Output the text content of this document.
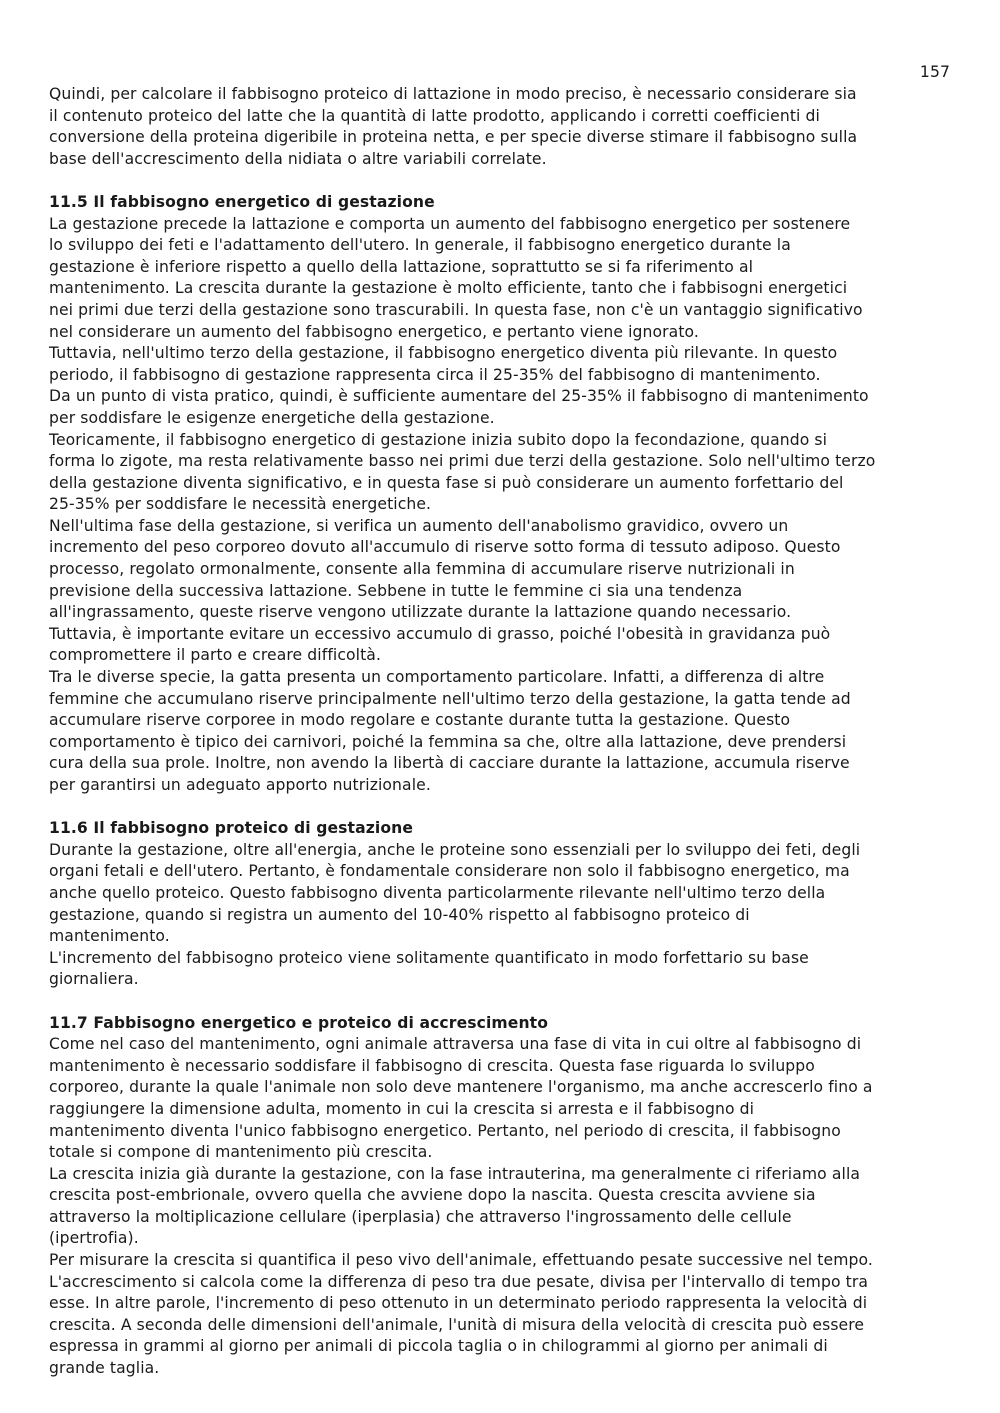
157

Quindi, per calcolare il fabbisogno proteico di lattazione in modo preciso, è necessario considerare sia
il contenuto proteico del latte che la quantità di latte prodotto, applicando i corretti coefficienti di
conversione della proteina digeribile in proteina netta, e per specie diverse stimare il fabbisogno sulla
base dell'accrescimento della nidiata o altre variabili correlate.

11.5 Il fabbisogno energetico di gestazione

La gestazione precede la lattazione e comporta un aumento del fabbisogno energetico per sostenere
lo sviluppo dei feti e l'adattamento dell'utero. In generale, il fabbisogno energetico durante la
gestazione è inferiore rispetto a quello della lattazione, soprattutto se si fa riferimento al
mantenimento. La crescita durante la gestazione è molto efficiente, tanto che i fabbisogni energetici
nei primi due terzi della gestazione sono trascurabili. In questa fase, non c'è un vantaggio significativo
nel considerare un aumento del fabbisogno energetico, e pertanto viene ignorato.

Tuttavia, nell'ultimo terzo della gestazione, il fabbisogno energetico diventa più rilevante. In questo
periodo, il fabbisogno di gestazione rappresenta circa il 25-35% del fabbisogno di mantenimento.

Da un punto di vista pratico, quindi, è sufficiente aumentare del 25-35% il fabbisogno di mantenimento
per soddisfare le esigenze energetiche della gestazione.

Teoricamente, il fabbisogno energetico di gestazione inizia subito dopo la fecondazione, quando si
forma lo zigote, ma resta relativamente basso nei primi due terzi della gestazione. Solo nell'ultimo terzo
della gestazione diventa significativo, e in questa fase si può considerare un aumento forfettario del
25-35% per soddisfare le necessità energetiche.

Nell'ultima fase della gestazione, si verifica un aumento dell'anabolismo gravidico, ovvero un
incremento del peso corporeo dovuto all'accumulo di riserve sotto forma di tessuto adiposo. Questo
processo, regolato ormonalmente, consente alla femmina di accumulare riserve nutrizionali in
previsione della successiva lattazione. Sebbene in tutte le femmine ci sia una tendenza
all'ingrassamento, queste riserve vengono utilizzate durante la lattazione quando necessario.
Tuttavia, è importante evitare un eccessivo accumulo di grasso, poiché l'obesità in gravidanza può
compromettere il parto e creare difficoltà.

Tra le diverse specie, la gatta presenta un comportamento particolare. Infatti, a differenza di altre
femmine che accumulano riserve principalmente nell'ultimo terzo della gestazione, la gatta tende ad
accumulare riserve corporee in modo regolare e costante durante tutta la gestazione. Questo
comportamento è tipico dei carnivori, poiché la femmina sa che, oltre alla lattazione, deve prendersi
cura della sua prole. Inoltre, non avendo la libertà di cacciare durante la lattazione, accumula riserve
per garantirsi un adeguato apporto nutrizionale.

11.6 Il fabbisogno proteico di gestazione

Durante la gestazione, oltre all'energia, anche le proteine sono essenziali per lo sviluppo dei feti, degli
organi fetali e dell'utero. Pertanto, è fondamentale considerare non solo il fabbisogno energetico, ma
anche quello proteico. Questo fabbisogno diventa particolarmente rilevante nell'ultimo terzo della
gestazione, quando si registra un aumento del 10-40% rispetto al fabbisogno proteico di
mantenimento.

L'incremento del fabbisogno proteico viene solitamente quantificato in modo forfettario su base
giornaliera.

11.7 Fabbisogno energetico e proteico di accrescimento

Come nel caso del mantenimento, ogni animale attraversa una fase di vita in cui oltre al fabbisogno di
mantenimento è necessario soddisfare il fabbisogno di crescita. Questa fase riguarda lo sviluppo
corporeo, durante la quale l'animale non solo deve mantenere l'organismo, ma anche accrescerlo fino a
raggiungere la dimensione adulta, momento in cui la crescita si arresta e il fabbisogno di
mantenimento diventa l'unico fabbisogno energetico. Pertanto, nel periodo di crescita, il fabbisogno
totale si compone di mantenimento più crescita.

La crescita inizia già durante la gestazione, con la fase intrauterina, ma generalmente ci riferiamo alla
crescita post-embrionale, ovvero quella che avviene dopo la nascita. Questa crescita avviene sia
attraverso la moltiplicazione cellulare (iperplasia) che attraverso l'ingrossamento delle cellule
(ipertrofia).

Per misurare la crescita si quantifica il peso vivo dell'animale, effettuando pesate successive nel tempo.
L'accrescimento si calcola come la differenza di peso tra due pesate, divisa per l'intervallo di tempo tra
esse. In altre parole, l'incremento di peso ottenuto in un determinato periodo rappresenta la velocità di
crescita. A seconda delle dimensioni dell'animale, l'unità di misura della velocità di crescita può essere
espressa in grammi al giorno per animali di piccola taglia o in chilogrammi al giorno per animali di
grande taglia.
